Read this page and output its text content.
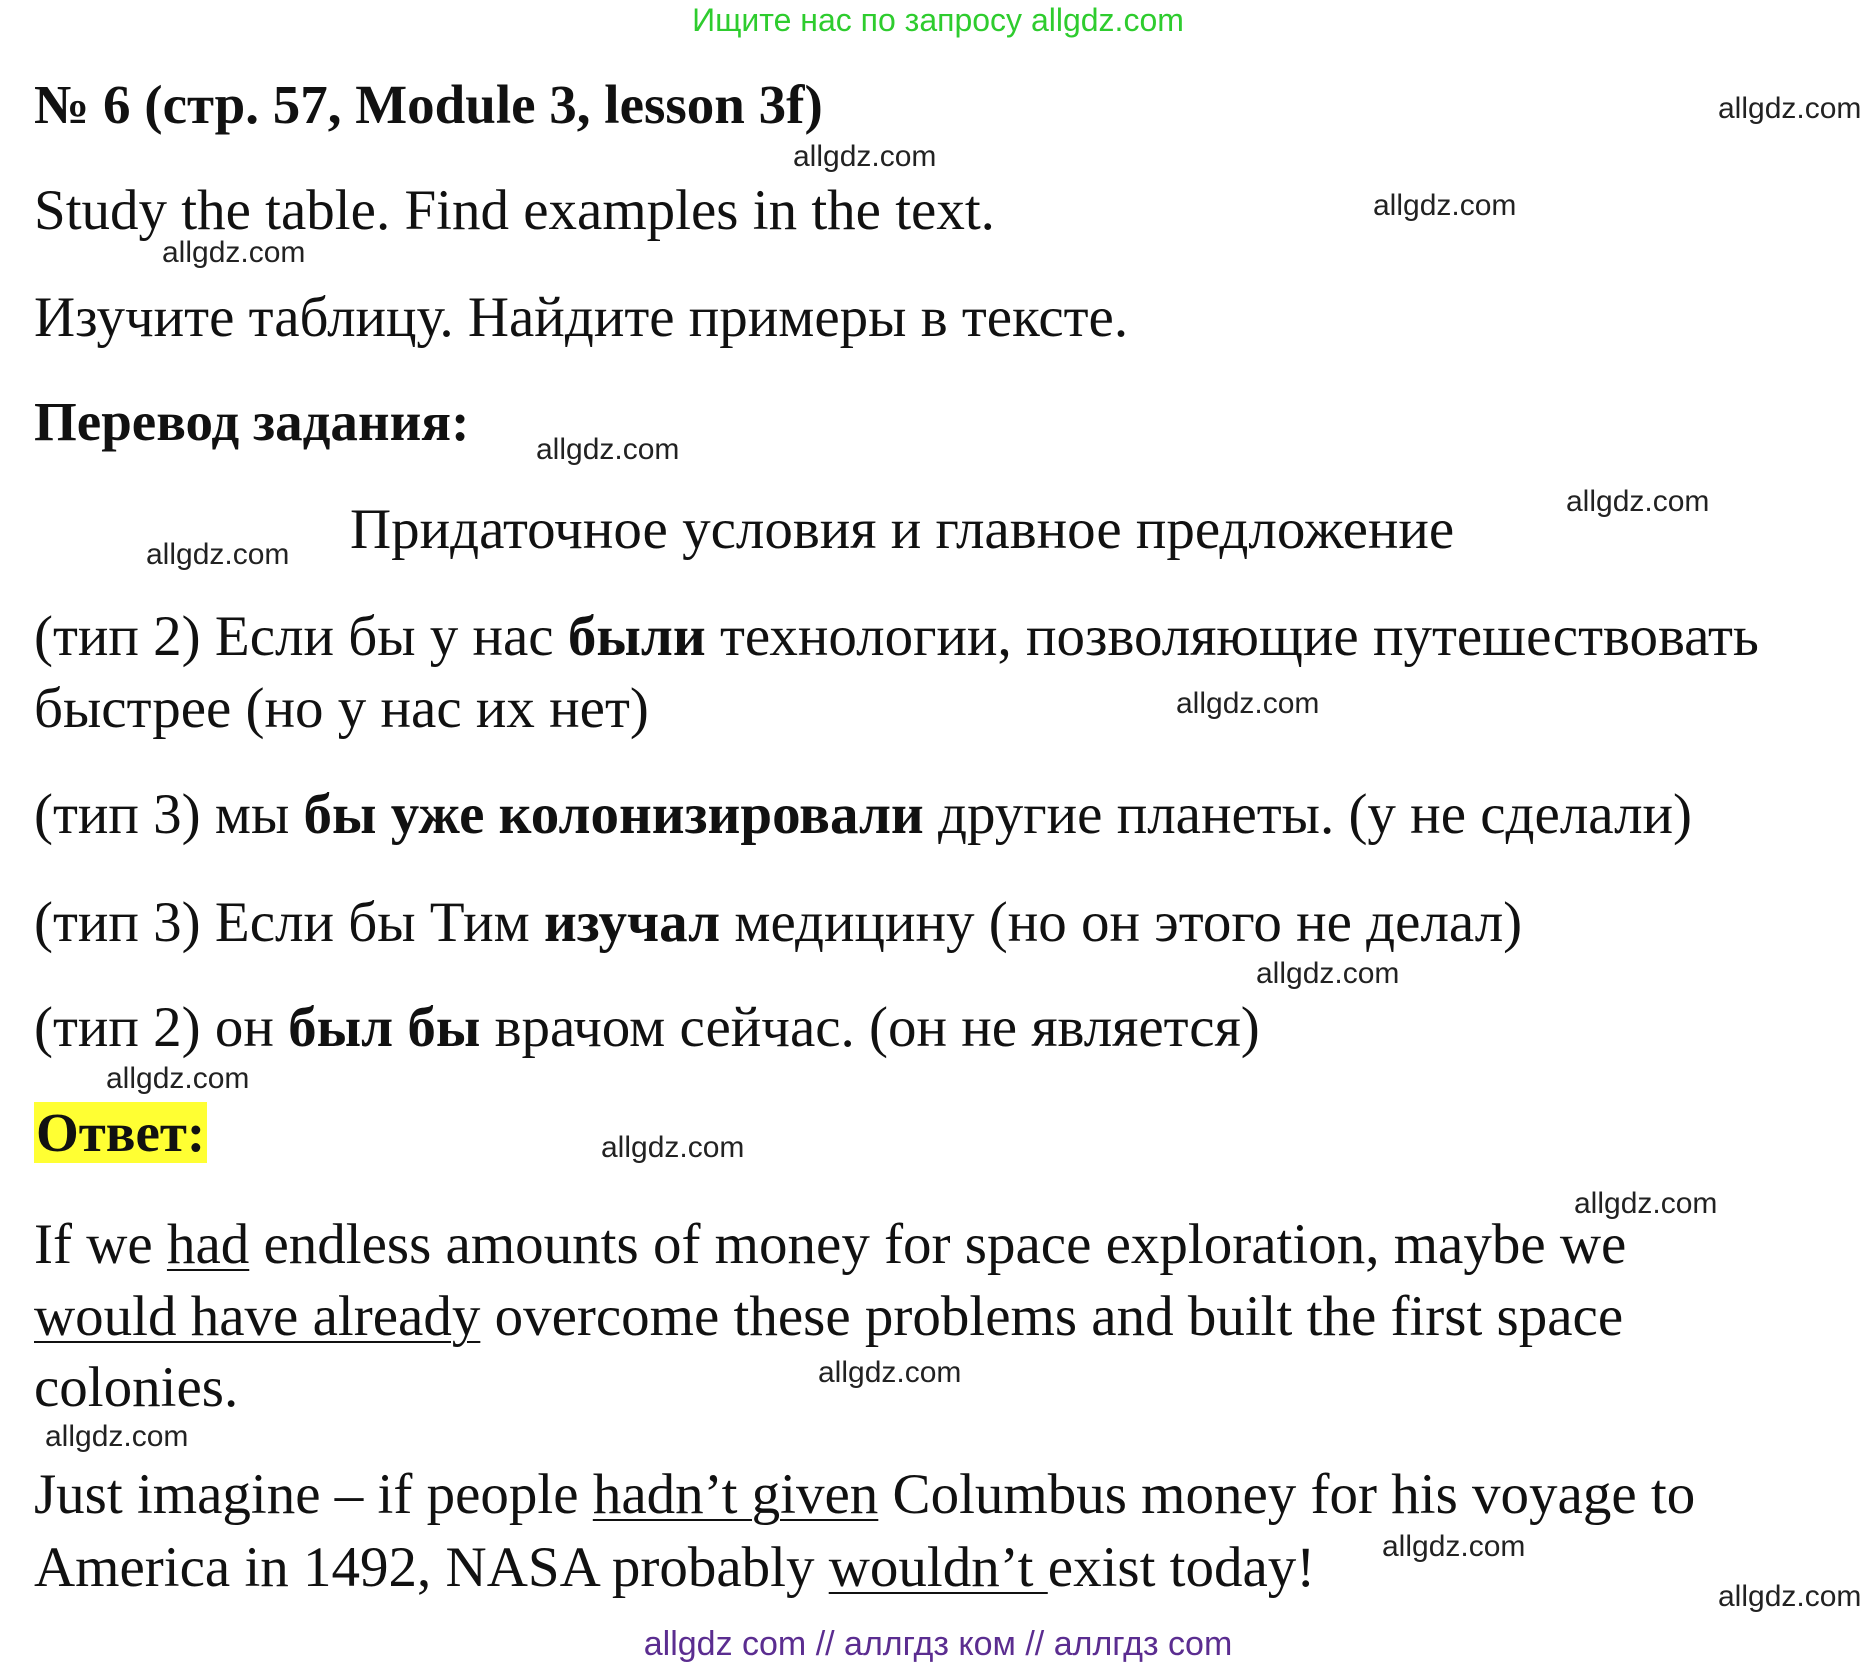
Ищите нас по запросу allgdz.com
№ 6 (стр. 57, Module 3, lesson 3f)
Study the table. Find examples in the text.
Изучите таблицу. Найдите примеры в тексте.
Перевод задания:
Придаточное условия и главное предложение
(тип 2) Если бы у нас были технологии, позволяющие путешествовать
быстрее (но у нас их нет)
(тип 3) мы бы уже колонизировали другие планеты. (у не сделали)
(тип 3) Если бы Тим изучал медицину (но он этого не делал)
(тип 2) он был бы врачом сейчас. (он не является)
Ответ:
If we had endless amounts of money for space exploration, maybe we
would have already overcome these problems and built the first space
colonies.
Just imagine – if people hadn’t given Columbus money for his voyage to
America in 1492, NASA probably wouldn’t exist today!
allgdz.com
allgdz.com
allgdz.com
allgdz.com
allgdz.com
allgdz.com
allgdz.com
allgdz.com
allgdz.com
allgdz.com
allgdz.com
allgdz.com
allgdz.com
allgdz.com
allgdz.com
allgdz.com
allgdz com // аллгдз ком // аллгдз com
